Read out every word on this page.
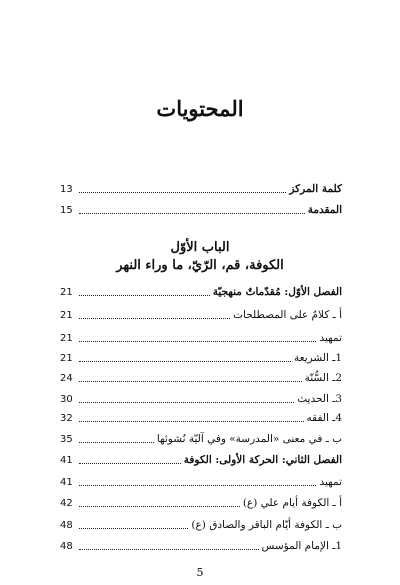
المحتويات
كلمة المركز
13
المقدمة
15
الباب الأوّل
الكوفة، قم، الرّيّ، ما وراء النهر
الفصل الأوّل: مُقدّماتٌ منهجيّة
21
أ ـ كلامٌ على المصطلحات
21
تمهيد
21
1ـ الشريعة
21
2ـ السُّنّة
24
3ـ الحديث
30
4ـ الفقه
32
ب ـ في معنى «المدرسة» وفي آليّة نُشوئها
35
الفصل الثاني: الحركة الأولى: الكوفة
41
تمهيد
41
أ ـ الكوفة أيام علي (ع)
42
ب ـ الكوفة أيّام الباقر والصادق (ع)
48
1ـ الإمام المؤسس
48
5
